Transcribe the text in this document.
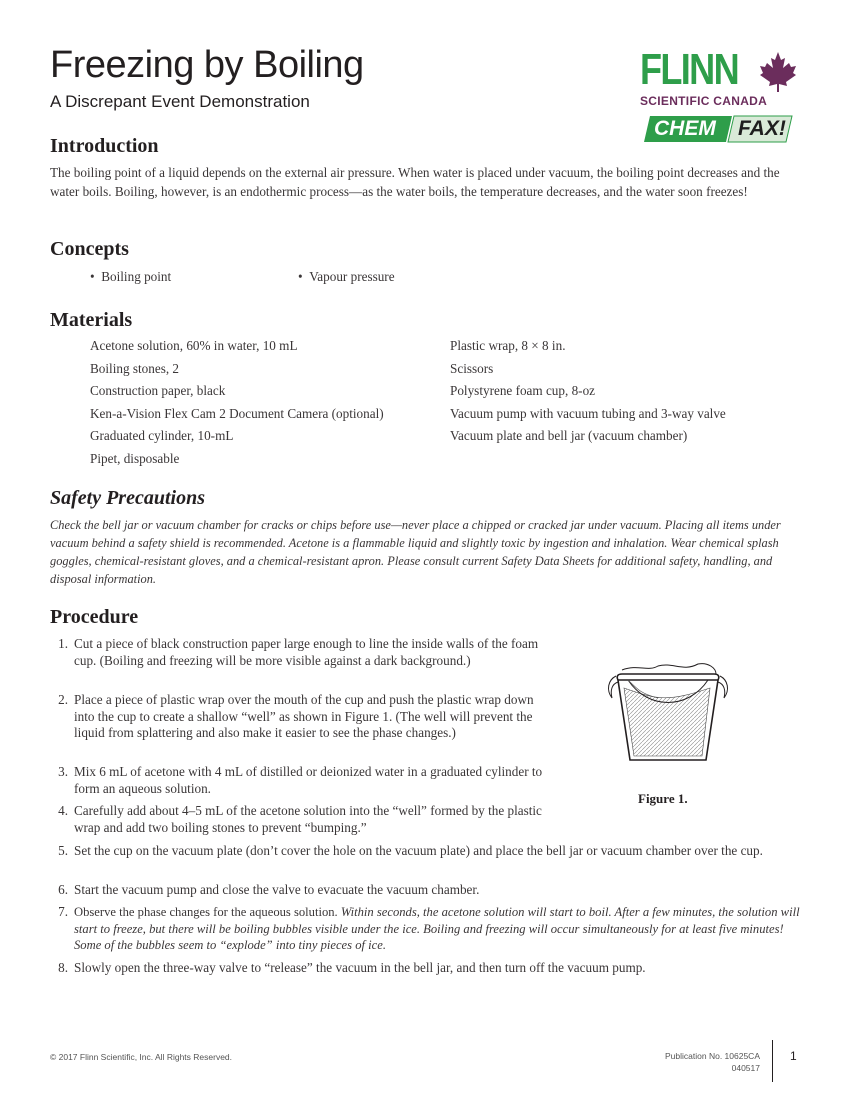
Freezing by Boiling
A Discrepant Event Demonstration
FLINN
SCIENTIFIC CANADA
CHEM FAX!
Introduction
The boiling point of a liquid depends on the external air pressure. When water is placed under vacuum, the boiling point decreases and the water boils. Boiling, however, is an endothermic process—as the water boils, the temperature decreases, and the water soon freezes!
Concepts
•  Boiling point	•  Vapour pressure
Materials
Acetone solution, 60% in water, 10 mL
Boiling stones, 2
Construction paper, black
Ken-a-Vision Flex Cam 2 Document Camera (optional)
Graduated cylinder, 10-mL
Pipet, disposable
Plastic wrap, 8 × 8 in.
Scissors
Polystyrene foam cup, 8-oz
Vacuum pump with vacuum tubing and 3-way valve
Vacuum plate and bell jar (vacuum chamber)
Safety Precautions
Check the bell jar or vacuum chamber for cracks or chips before use—never place a chipped or cracked jar under vacuum. Placing all items under vacuum behind a safety shield is recommended. Acetone is a flammable liquid and slightly toxic by ingestion and inhalation. Wear chemical splash goggles, chemical-resistant gloves, and a chemical-resistant apron. Please consult current Safety Data Sheets for additional safety, handling, and disposal information.
Procedure
1. Cut a piece of black construction paper large enough to line the inside walls of the foam cup. (Boiling and freezing will be more visible against a dark background.)
2. Place a piece of plastic wrap over the mouth of the cup and push the plastic wrap down into the cup to create a shallow “well” as shown in Figure 1. (The well will prevent the liquid from splattering and also make it easier to see the phase changes.)
3. Mix 6 mL of acetone with 4 mL of distilled or deionized water in a graduated cylinder to form an aqueous solution.
4. Carefully add about 4–5 mL of the acetone solution into the “well” formed by the plastic wrap and add two boiling stones to prevent “bumping.”
5. Set the cup on the vacuum plate (don’t cover the hole on the vacuum plate) and place the bell jar or vacuum chamber over the cup.
6. Start the vacuum pump and close the valve to evacuate the vacuum chamber.
7. Observe the phase changes for the aqueous solution. Within seconds, the acetone solution will start to boil. After a few minutes, the solution will start to freeze, but there will be boiling bubbles visible under the ice. Boiling and freezing will occur simultaneously for at least five minutes! Some of the bubbles seem to “explode” into tiny pieces of ice.
8. Slowly open the three-way valve to “release” the vacuum in the bell jar, and then turn off the vacuum pump.
Figure 1.
© 2017 Flinn Scientific, Inc. All Rights Reserved.	Publication No. 10625CA
040517
1
